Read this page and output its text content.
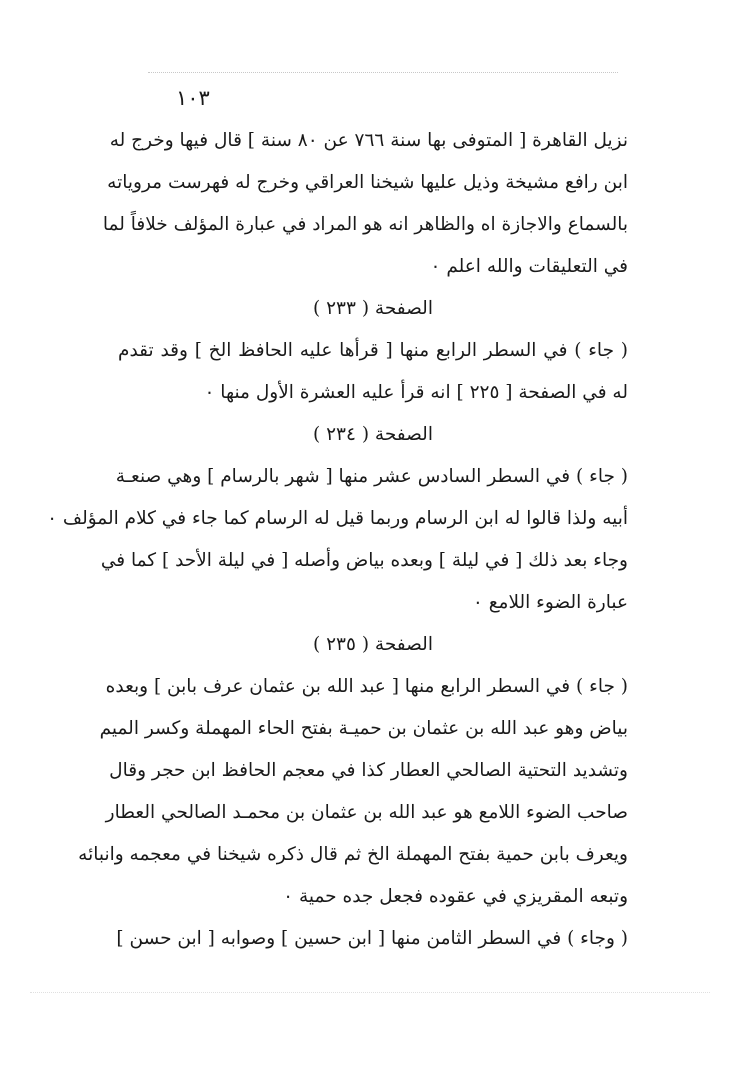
١٠٣
نزيل القاهرة [ المتوفى بها سنة ٧٦٦ عن ٨٠ سنة ] قال فيها وخرج له
ابن رافع مشيخة وذيل عليها شيخنا العراقي وخرج له فهرست مروياته
بالسماع والاجازة اه والظاهر انه هو المراد في عبارة المؤلف خلافاً لما
في التعليقات والله اعلم ٠
الصفحة ( ٢٣٣ )
( جاء ) في السطر الرابع منها [ قرأها عليه الحافظ الخ ] وقد تقدم
له في الصفحة [ ٢٢٥ ] انه قرأ عليه العشرة الأول منها ٠
الصفحة ( ٢٣٤ )
( جاء ) في السطر السادس عشر منها [ شهر بالرسام ] وهي صنعـة
أبيه ولذا قالوا له ابن الرسام وربما قيل له الرسام كما جاء في كلام المؤلف ٠
وجاء بعد ذلك [ في ليلة ] وبعده بياض وأصله [ في ليلة الأحد ] كما في
عبارة الضوء اللامع ٠
الصفحة ( ٢٣٥ )
( جاء ) في السطر الرابع منها [ عبد الله بن عثمان عرف بابن ] وبعده
بياض وهو عبد الله بن عثمان بن حميـة بفتح الحاء المهملة وكسر الميم
وتشديد التحتية الصالحي العطار كذا في معجم الحافظ ابن حجر وقال
صاحب الضوء اللامع هو عبد الله بن عثمان بن محمـد الصالحي العطار
ويعرف بابن حمية بفتح المهملة الخ ثم قال ذكره شيخنا في معجمه وانبائه
وتبعه المقريزي في عقوده فجعل جده حمية ٠
( وجاء ) في السطر الثامن منها [ ابن حسين ] وصوابه [ ابن حسن ]
